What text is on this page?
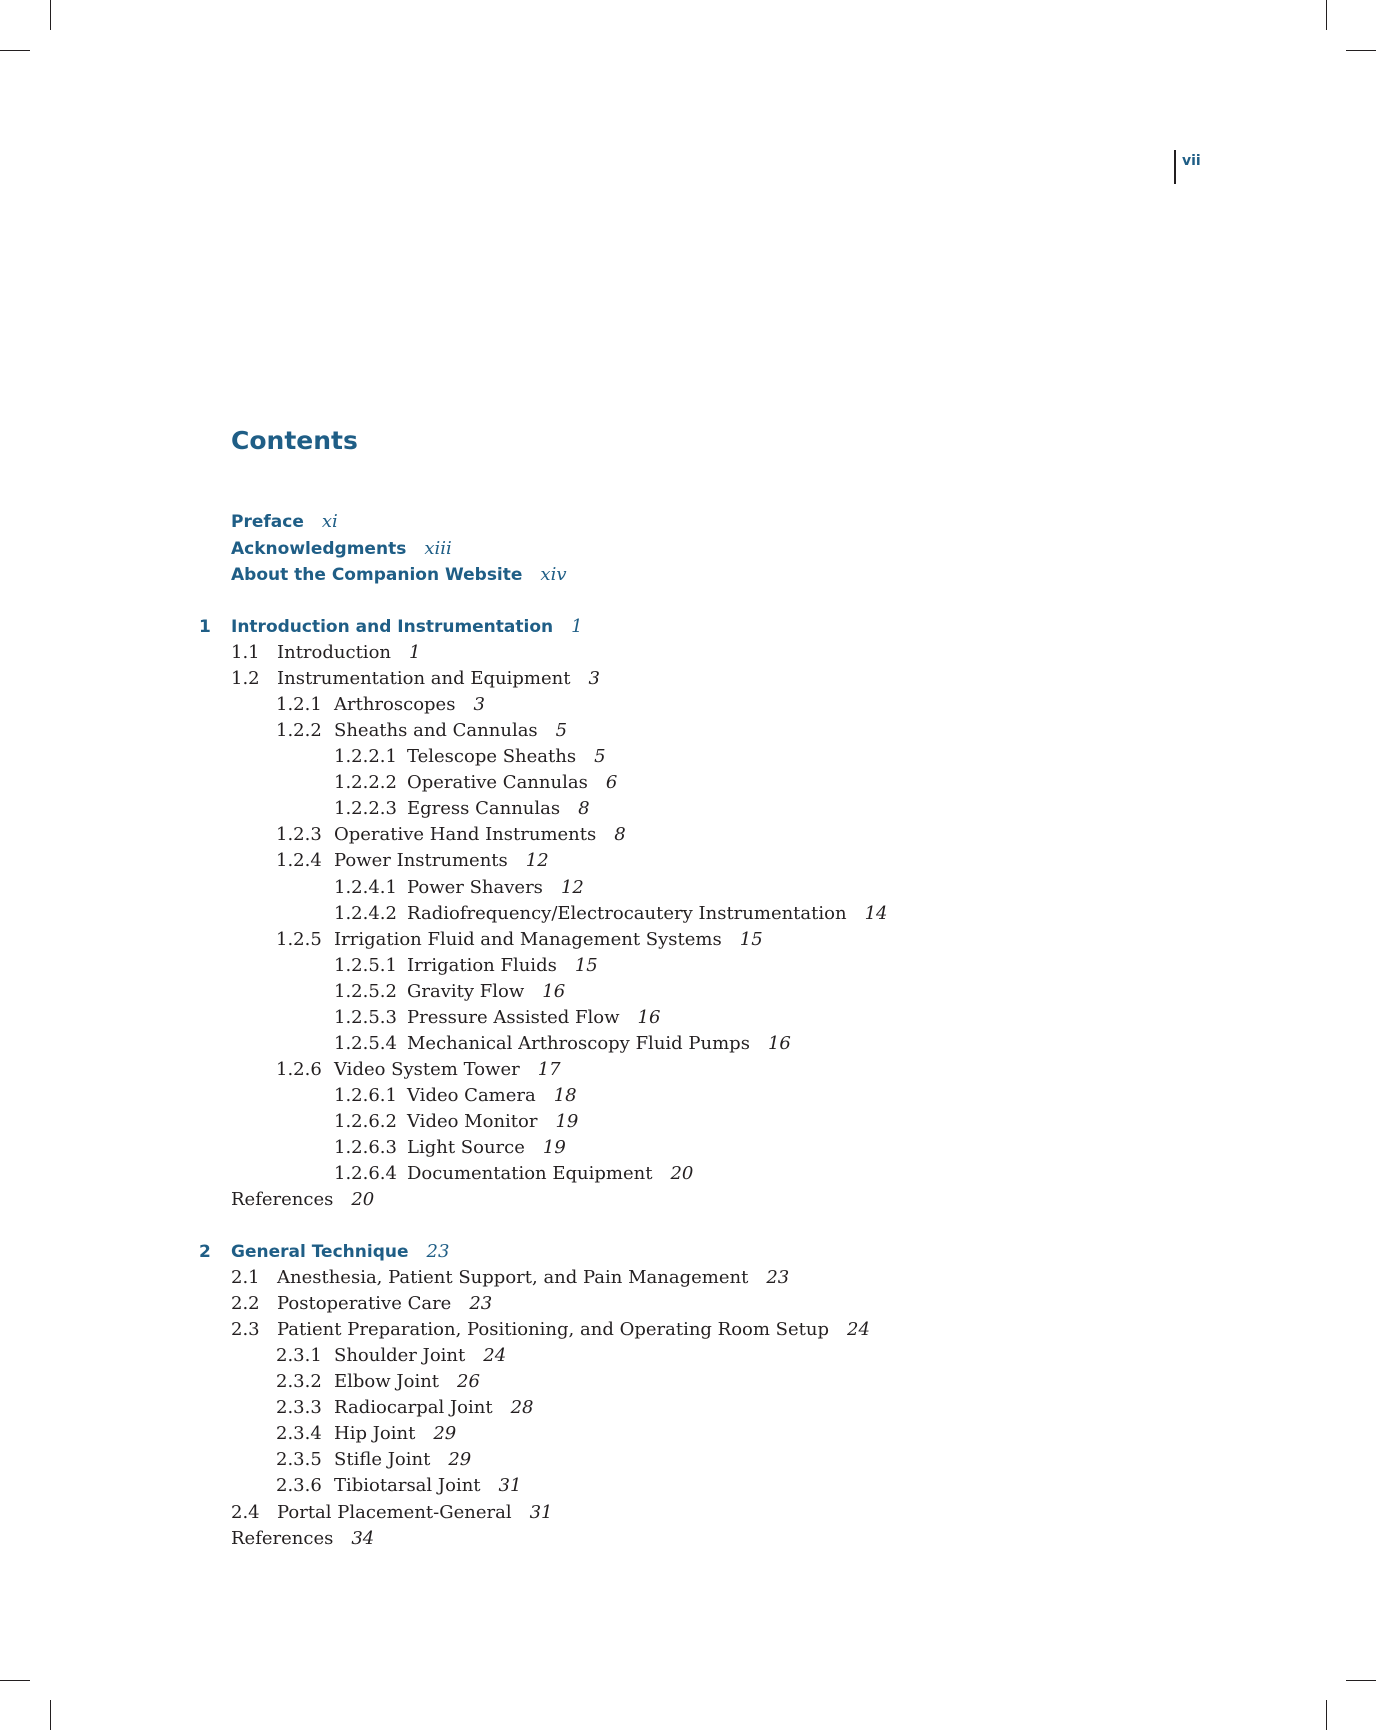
vii
Contents
Preface xi
Acknowledgments xiii
About the Companion Website xiv
1 Introduction and Instrumentation 1
1.1 Introduction 1
1.2 Instrumentation and Equipment 3
1.2.1 Arthroscopes 3
1.2.2 Sheaths and Cannulas 5
1.2.2.1 Telescope Sheaths 5
1.2.2.2 Operative Cannulas 6
1.2.2.3 Egress Cannulas 8
1.2.3 Operative Hand Instruments 8
1.2.4 Power Instruments 12
1.2.4.1 Power Shavers 12
1.2.4.2 Radiofrequency/Electrocautery Instrumentation 14
1.2.5 Irrigation Fluid and Management Systems 15
1.2.5.1 Irrigation Fluids 15
1.2.5.2 Gravity Flow 16
1.2.5.3 Pressure Assisted Flow 16
1.2.5.4 Mechanical Arthroscopy Fluid Pumps 16
1.2.6 Video System Tower 17
1.2.6.1 Video Camera 18
1.2.6.2 Video Monitor 19
1.2.6.3 Light Source 19
1.2.6.4 Documentation Equipment 20
References 20
2 General Technique 23
2.1 Anesthesia, Patient Support, and Pain Management 23
2.2 Postoperative Care 23
2.3 Patient Preparation, Positioning, and Operating Room Setup 24
2.3.1 Shoulder Joint 24
2.3.2 Elbow Joint 26
2.3.3 Radiocarpal Joint 28
2.3.4 Hip Joint 29
2.3.5 Stifle Joint 29
2.3.6 Tibiotarsal Joint 31
2.4 Portal Placement-General 31
References 34
